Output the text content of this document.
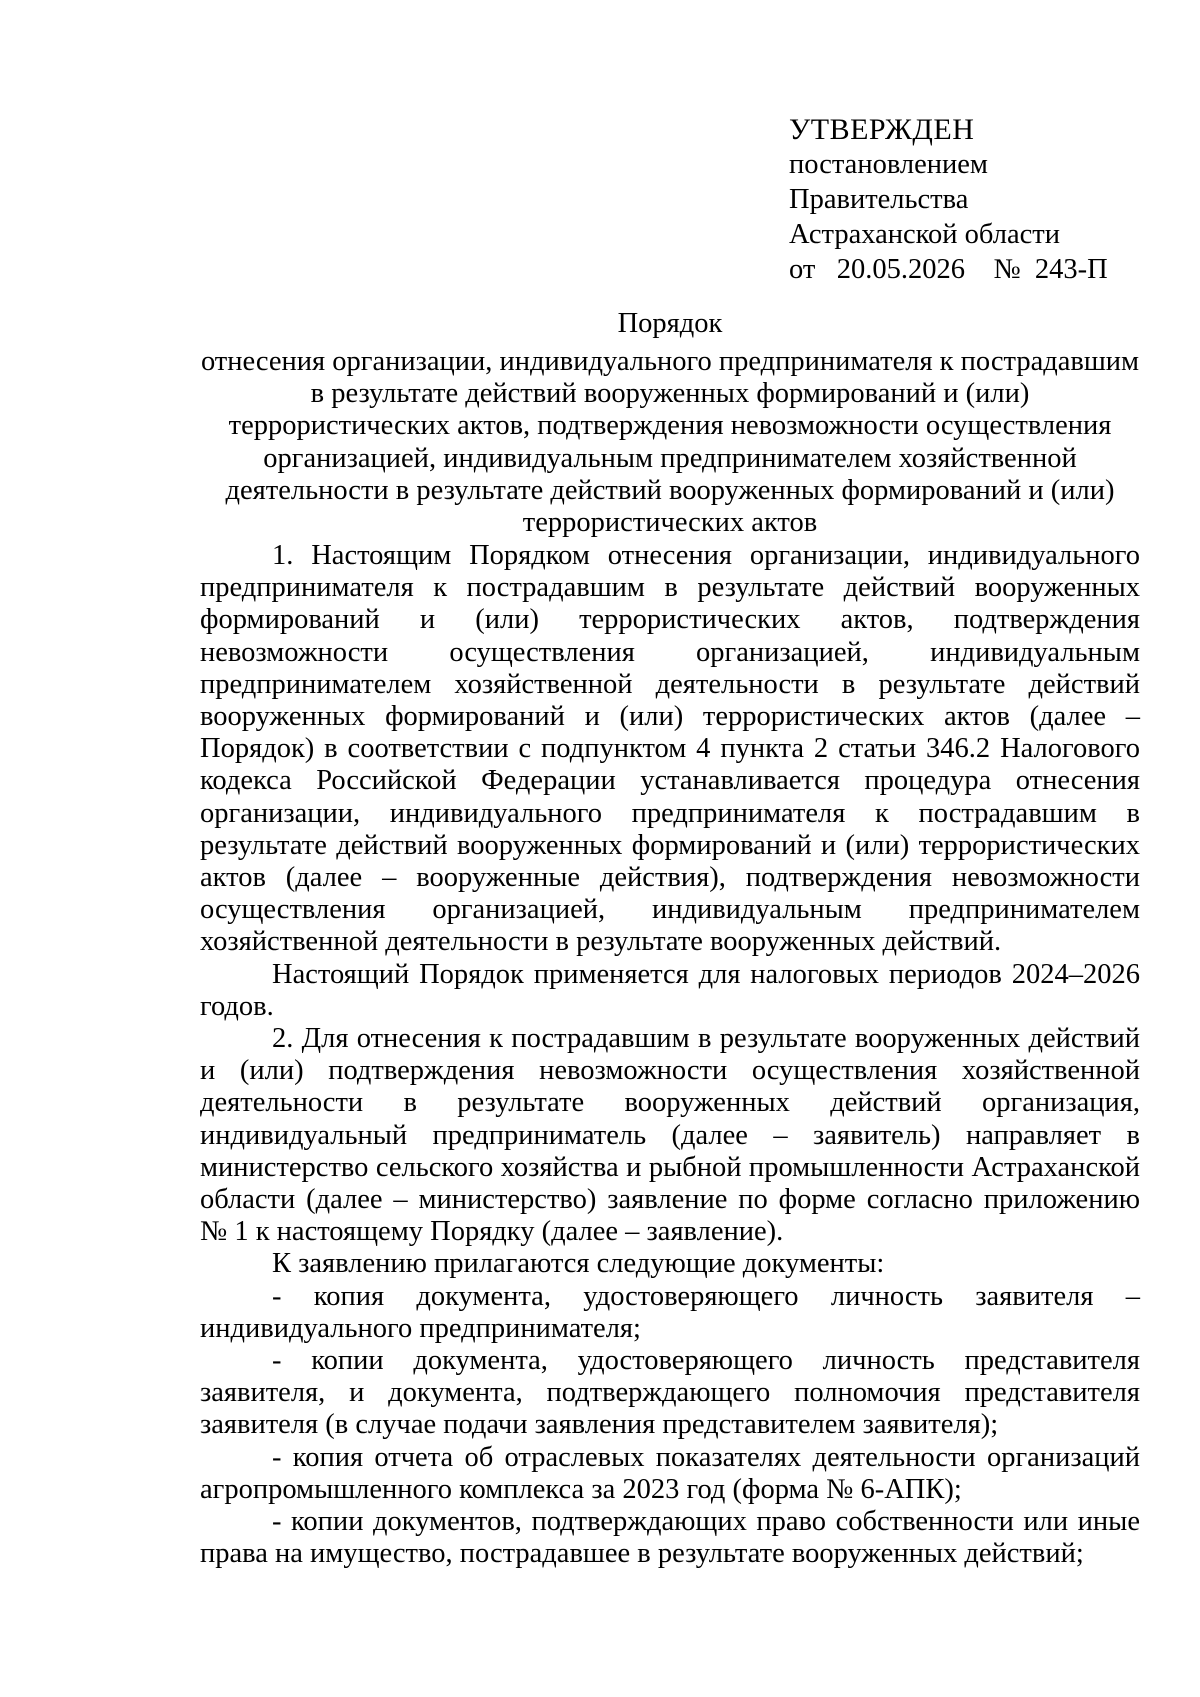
УТВЕРЖДЕН
постановлением
Правительства
Астраханской области
от   20.05.2026    №  243-П
Порядок
отнесения организации, индивидуального предпринимателя к пострадавшим в результате действий вооруженных формирований и (или) террористических актов, подтверждения невозможности осуществления организацией, индивидуальным предпринимателем хозяйственной деятельности в результате действий вооруженных формирований и (или) террористических актов

1. Настоящим Порядком отнесения организации, индивидуального предпринимателя к пострадавшим в результате действий вооруженных формирований и (или) террористических актов, подтверждения невозможности осуществления организацией, индивидуальным предпринимателем хозяйственной деятельности в результате действий вооруженных формирований и (или) террористических актов (далее – Порядок) в соответствии с подпунктом 4 пункта 2 статьи 346.2 Налогового кодекса Российской Федерации устанавливается процедура отнесения организации, индивидуального предпринимателя к пострадавшим в результате действий вооруженных формирований и (или) террористических актов (далее – вооруженные действия), подтверждения невозможности осуществления организацией, индивидуальным предпринимателем хозяйственной деятельности в результате вооруженных действий.

Настоящий Порядок применяется для налоговых периодов 2024–2026 годов.

2. Для отнесения к пострадавшим в результате вооруженных действий и (или) подтверждения невозможности осуществления хозяйственной деятельности в результате вооруженных действий организация, индивидуальный предприниматель (далее – заявитель) направляет в министерство сельского хозяйства и рыбной промышленности Астраханской области (далее – министерство) заявление по форме согласно приложению № 1 к настоящему Порядку (далее – заявление).

К заявлению прилагаются следующие документы:

- копия документа, удостоверяющего личность заявителя – индивидуального предпринимателя;

- копии документа, удостоверяющего личность представителя заявителя, и документа, подтверждающего полномочия представителя заявителя (в случае подачи заявления представителем заявителя);

- копия отчета об отраслевых показателях деятельности организаций агропромышленного комплекса за 2023 год (форма № 6-АПК);

- копии документов, подтверждающих право собственности или иные права на имущество, пострадавшее в результате вооруженных действий;
